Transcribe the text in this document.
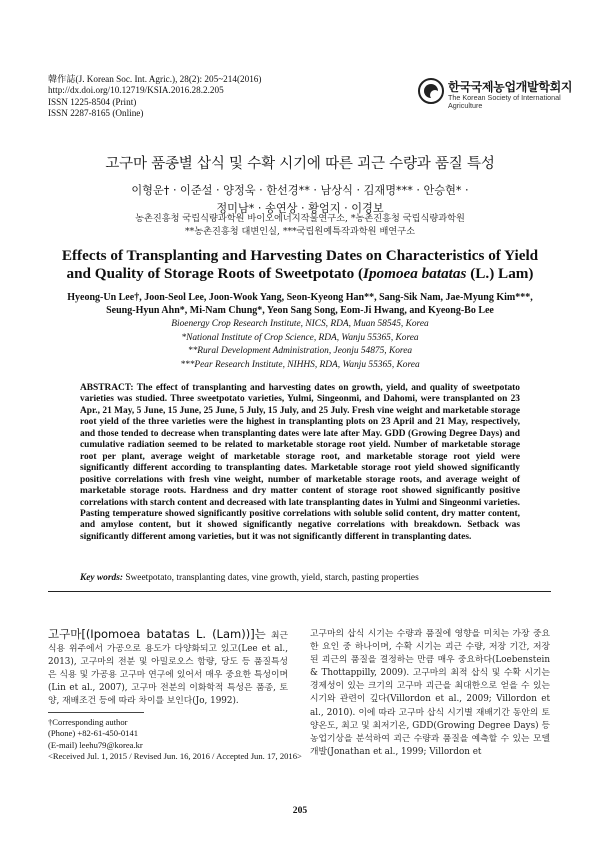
韓作誌(J. Korean Soc. Int. Agric.), 28(2): 205~214(2016)
http://dx.doi.org/10.12719/KSIA.2016.28.2.205
ISSN 1225-8504 (Print)
ISSN 2287-8165 (Online)
한국국제농업개발학회지
The Korean Society of International Agriculture
고구마 품종별 삽식 및 수확 시기에 따른 괴근 수량과 품질 특성
이형운† · 이준설 · 양정욱 · 한선경** · 남상식 · 김재명*** · 안승현* ·
정미남* · 송연상 · 황엄지 · 이경보
농촌진흥청 국립식량과학원 바이오에너지작물연구소, *농촌진흥청 국립식량과학원
**농촌진흥청 대변인실, ***국립원예특작과학원 배연구소
Effects of Transplanting and Harvesting Dates on Characteristics of Yield
and Quality of Storage Roots of Sweetpotato (Ipomoea batatas (L.) Lam)
Hyeong-Un Lee†, Joon-Seol Lee, Joon-Wook Yang, Seon-Kyeong Han**, Sang-Sik Nam, Jae-Myung Kim***,
Seung-Hyun Ahn*, Mi-Nam Chung*, Yeon Sang Song, Eom-Ji Hwang, and Kyeong-Bo Lee
Bioenergy Crop Research Institute, NICS, RDA, Muan 58545, Korea
*National Institute of Crop Science, RDA, Wanju 55365, Korea
**Rural Development Administration, Jeonju 54875, Korea
***Pear Research Institute, NIHHS, RDA, Wanju 55365, Korea
ABSTRACT: The effect of transplanting and harvesting dates on growth, yield, and quality of sweetpotato varieties was studied. Three sweetpotato varieties, Yulmi, Singeonmi, and Dahomi, were transplanted on 23 Apr., 21 May, 5 June, 15 June, 25 June, 5 July, 15 July, and 25 July. Fresh vine weight and marketable storage root yield of the three varieties were the highest in transplanting plots on 23 April and 21 May, respectively, and those tended to decrease when transplanting dates were late after May. GDD (Growing Degree Days) and cumulative radiation seemed to be related to marketable storage root yield. Number of marketable storage root per plant, average weight of marketable storage root, and marketable storage root yield were significantly different according to transplanting dates. Marketable storage root yield showed significantly positive correlations with fresh vine weight, number of marketable storage roots, and average weight of marketable storage roots. Hardness and dry matter content of storage root showed significantly positive correlations with starch content and decreased with late transplanting dates in Yulmi and Singeonmi varieties. Pasting temperature showed significantly positive correlations with soluble solid content, dry matter content, and amylose content, but it showed significantly negative correlations with breakdown. Setback was significantly different among varieties, but it was not significantly different in transplanting dates.
Key words: Sweetpotato, transplanting dates, vine growth, yield, starch, pasting properties
고구마[(Ipomoea batatas L. (Lam))]는 최근 식용 위주에서 가공으로 용도가 다양화되고 있고(Lee et al., 2013), 고구마의 전분 및 아밀로오스 함량, 당도 등 품질특성은 식용 및 가공용 고구마 연구에 있어서 매우 중요한 특성이며(Lin et al., 2007), 고구마 전분의 이화학적 특성은 품종, 토양, 재배조건 등에 따라 차이를 보인다(Jo, 1992).
고구마의 삽식 시기는 수량과 품질에 영향을 미치는 가장 중요한 요인 중 하나이며, 수확 시기는 괴근 수량, 저장 기간, 저장된 괴근의 품질을 결정하는 만큼 매우 중요하다(Loebenstein & Thottappilly, 2009). 고구마의 최적 삽식 및 수확 시기는 경제성이 있는 크기의 고구마 괴근을 최대한으로 얻을 수 있는 시기와 관련이 깊다(Villordon et al., 2009; Villordon et al., 2010). 이에 따라 고구마 삽식 시기별 재배기간 동안의 토양온도, 최고 및 최저기온, GDD(Growing Degree Days) 등 농업기상을 분석하여 괴근 수량과 품질을 예측할 수 있는 모델 개발(Jonathan et al., 1999; Villordon et
†Corresponding author
(Phone) +82-61-450-0141
(E-mail) leehu79@korea.kr
<Received Jul. 1, 2015 / Revised Jun. 16, 2016 / Accepted Jun. 17, 2016>
205
